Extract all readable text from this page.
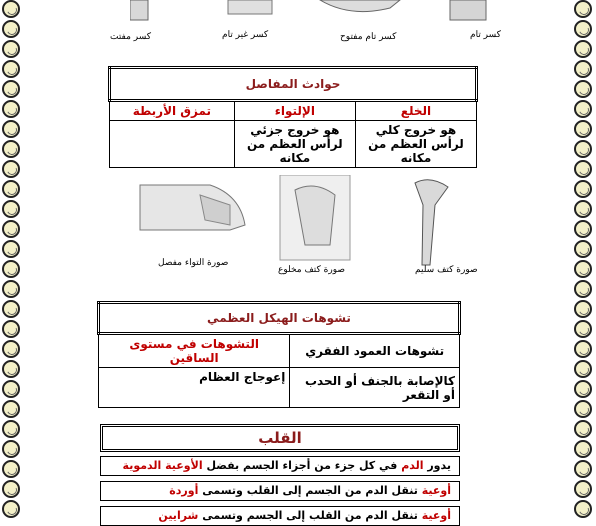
كسر تام
كسر تام مفتوح
كسر غير تام
كسر مفتت
حوادث المفاصل		
الخلع	الإلتواء	تمزق الأربطة
هو خروج كلي لرأس العظم من مكانه	هو خروج جزئي لرأس العظم من مكانه	
صورة كتف سليم
صورة كتف مخلوع
صورة التواء مفصل
تشوهات الهيكل العظمي	
تشوهات العمود الفقري	التشوهات في مستوى الساقين
كالإصابة بالجنف أو الحدب أو التقعر	إعوجاج العظام
القلب
يدور الدم في كل جزء من أجزاء الجسم بفضل الأوعية الدموية
أوعية تنقل الدم من الجسم إلى القلب وتسمى أوردة
أوعية تنقل الدم من القلب إلى الجسم وتسمى شرايين
